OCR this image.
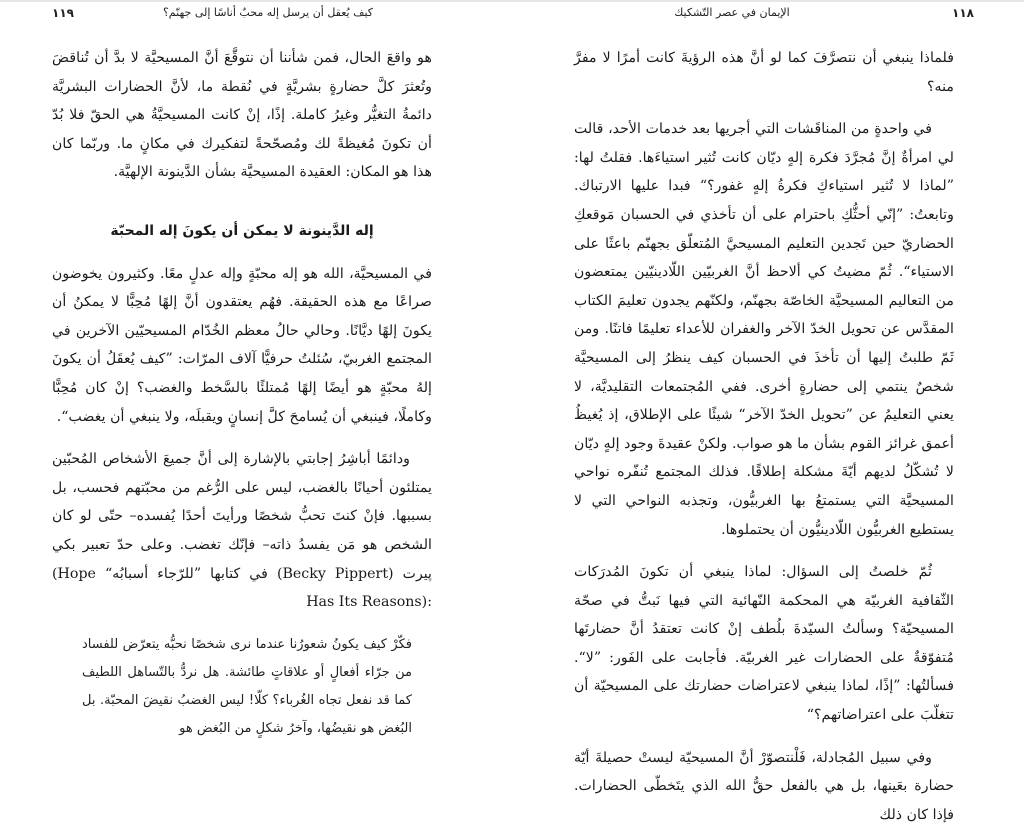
١١٩	كيف يُعقل أن يرسل إله محبٌ أناسًا إلى جهنّم؟

هو واقعَ الحال، فمن شأننا أن نتوقَّعَ أنَّ المسيحيَّة لا بدَّ أن تُناقضَ وتُعثرَ كلَّ حضارةٍ بشريَّةٍ في نُقطة ما، لأنَّ الحضارات البشريَّة دائمةُ التغيُّر وغيرُ كاملة. إذًا، إنْ كانت المسيحيَّةُ هي الحقّ فلا بُدّ أن تكونَ مُغيظةً لك ومُصحّحةً لتفكيرك في مكانٍ ما. وربّما كان هذا هو المكان: العقيدة المسيحيَّة بشأن الدَّينونة الإلهيَّة.

إله الدَّينونة لا يمكن أن يكونَ إله المحبّة

في المسيحيَّة، الله هو إله محبّةٍ وإله عدلٍ معًا. وكثيرون يخوضون صراعًا مع هذه الحقيقة. فهُم يعتقدون أنَّ إلهًا مُحِبًّا لا يمكنُ أن يكونَ إلهًا ديَّانًا. وحالي حالُ معظم الخُدّام المسيحيّين الآخرين في المجتمع الغربيّ، سُئلتُ حرفيًّا آلاف المرّات: ”كيف يُعقَلُ أن يكونَ إلهُ محبّةٍ هو أيضًا إلهًا مُمتلئًا بالسَّخط والغضب؟ إنْ كان مُحِبًّا وكاملًا، فينبغي أن يُسامحَ كلَّ إنسانٍ ويقبلَه، ولا ينبغي أن يغضب“.

ودائمًا أباشِرُ إجابتي بالإشارة إلى أنَّ جميعَ الأشخاص المُحبّين يمتلئون أحيانًا بالغضب، ليس على الرُّغم من محبّتهم فحسب، بل بسببها. فإنْ كنتَ تحبُّ شخصًا ورأيتَ أحدًا يُفسده– حتّى لو كان الشخص هو مَن يفسدُ ذاته– فإنّك تغضب. وعلى حدّ تعبير بكي پيرت (Becky Pippert) في كتابها ”للرّجاء أسبابُه“ (Hope Has Its Reasons):

فكّرْ كيف يكونُ شعورُنا عندما نرى شخصًا نحبُّه يتعرّض للفساد من جرّاء أفعالٍ أو علاقاتٍ طائشة. هل نردُّ بالتّساهل اللطيف كما قد نفعل تجاه الغُرباء؟ كلّا! ليس الغضبُ نقيضَ المحبّة. بل البُغض هو نقيضُها، وآخرُ شكلٍ من البُغض هو

١١٨
الإيمان في عصر التّشكيك

فلماذا ينبغي أن نتصرَّفَ كما لو أنَّ هذه الرؤيةَ كانت أمرًا لا مفرَّ منه؟

في واحدةٍ من المناقَشات التي أجريها بعد خدمات الأحد، قالت لي امرأةٌ إنَّ مُجرَّدَ فكرة إلهٍ ديّان كانت تُثير استياءَها. فقلتُ لها: ”لماذا لا تُثير استياءكِ فكرةُ إلهٍ غفور؟“ فبدا عليها الارتباك. وتابعتُ: ”إنّي أحثُّكِ باحترام على أن تأخذي في الحسبان مَوقعكِ الحضاريّ حين تَجدين التعليم المسيحيَّ المُتعلّق بجهنّم باعثًا على الاستياء“. ثُمّ مضيتُ كي ألاحظ أنَّ الغربيّين اللّادينيّين يمتعضون من التعاليم المسيحيَّة الخاصّة بجهنّم، ولكنّهم يجدون تعليمَ الكتاب المقدَّس عن تحويل الخدّ الآخر والغفران للأعداء تعليمًا فاتنًا. ومن ثَمّ طلبتُ إليها أن تأخذَ في الحسبان كيف ينظرُ إلى المسيحيَّة شخصٌ ينتمي إلى حضارةٍ أخرى. ففي المُجتمعات التقليديَّة، لا يعني التعليمُ عن ”تحويل الخدّ الآخر“ شيئًا على الإطلاق، إذ يُغيظُ أعمق غرائز القوم بشأن ما هو صواب. ولكنْ عقيدةَ وجود إلهٍ ديّان لا تُشكّلُ لديهم أيّةَ مشكلة إطلاقًا. فذلك المجتمع تُنفّره نواحي المسيحيَّة التي يستمتعُ بها الغربيُّون، وتجذبه النواحي التي لا يستطيع الغربيُّون اللّادينيُّون أن يحتملوها.

ثُمّ خلصتُ إلى السؤال: لماذا ينبغي أن تكونَ المُدرَكات الثّقافية الغربيّة هي المحكمة النّهائية التي فيها نَبتُّ في صحّة المسيحيّة؟ وسألتُ السيّدةَ بلُطف إنْ كانت تعتقدُ أنَّ حضارتَها مُتفوّقةٌ على الحضارات غير الغربيّة. فأجابت على الفَور: ”لا“. فسألتُها: ”إذًا، لماذا ينبغي لاعتراضات حضارتك على المسيحيّة أن تتغلّبَ على اعتراضاتهم؟“

وفي سبيل المُجادلة، فَلْنتصوّرْ أنَّ المسيحيّة ليستْ حصيلةَ أيّة حضارة بعَينها، بل هي بالفعل حقُّ الله الذي يتَخطّى الحضارات. فإذا كان ذلك
